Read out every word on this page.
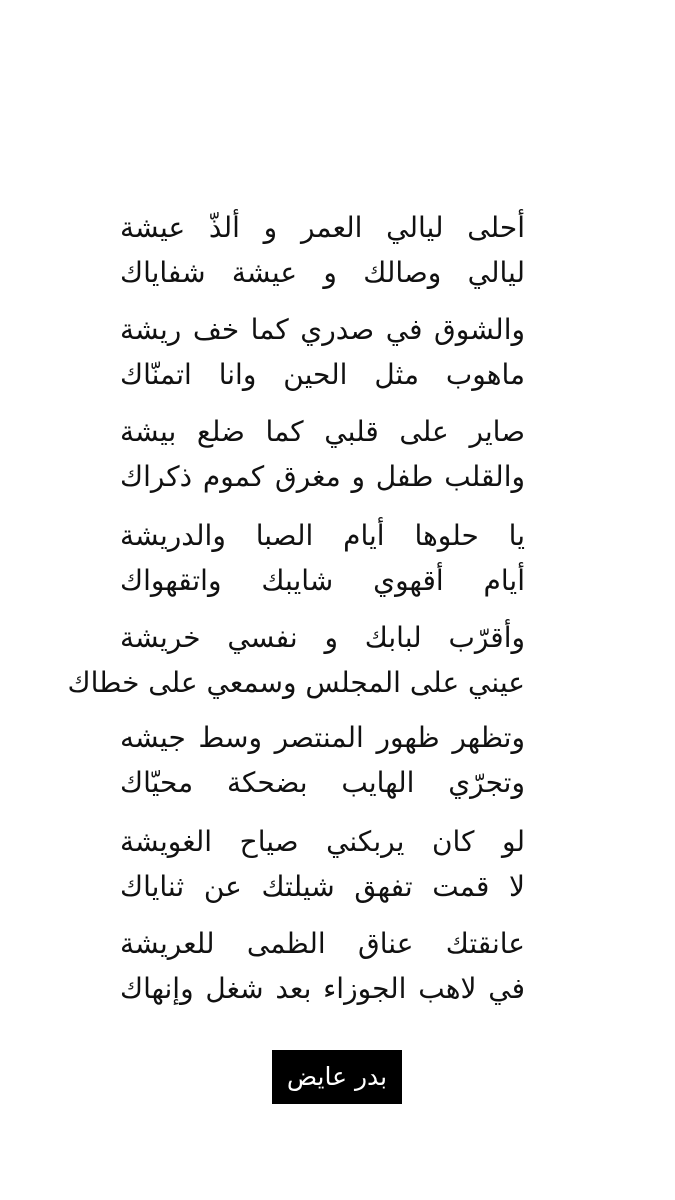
أحلى ليالي العمر و ألذّ عيشة
ليالي وصالك و عيشة شفاياك
والشوق في صدري كما خف ريشة
ماهوب مثل الحين وانا اتمنّاك
صاير على قلبي كما ضلع بيشة
والقلب طفل و مغرق كموم ذكراك
يا حلوها أيام الصبا والدريشة
أيام أقهوي شايبك واتقهواك
وأقرّب لبابك و نفسي خريشة
عيني على المجلس وسمعي على خطاك
وتظهر ظهور المنتصر وسط جيشه
وتجرّي الهايب بضحكة محيّاك
لو كان يربكني صياح الغويشة
لا قمت تفهق شيلتك عن ثناياك
عانقتك عناق الظمى للعريشة
في لاهب الجوزاء بعد شغل وإنهاك
بدر عايض
